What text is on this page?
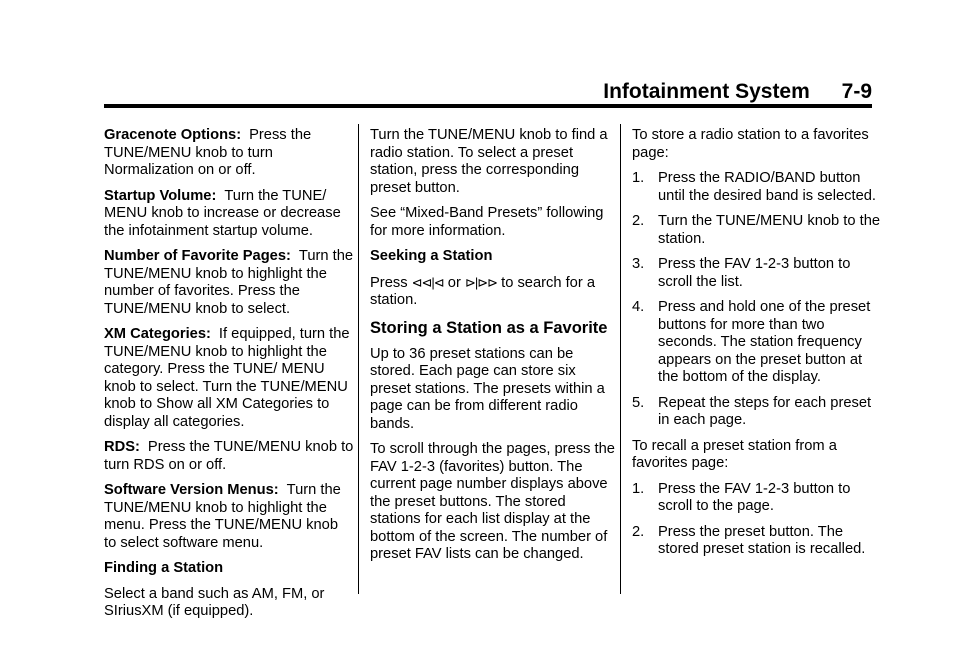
Infotainment System 7-9

Gracenote Options: Press the TUNE/MENU knob to turn Normalization on or off.

Startup Volume: Turn the TUNE/ MENU knob to increase or decrease the infotainment startup volume.

Number of Favorite Pages: Turn the TUNE/MENU knob to highlight the number of favorites. Press the TUNE/MENU knob to select.

XM Categories: If equipped, turn the TUNE/MENU knob to highlight the category. Press the TUNE/ MENU knob to select. Turn the TUNE/MENU knob to Show all XM Categories to display all categories.

RDS: Press the TUNE/MENU knob to turn RDS on or off.

Software Version Menus: Turn the TUNE/MENU knob to highlight the menu. Press the TUNE/MENU knob to select software menu.

Finding a Station

Select a band such as AM, FM, or SIriusXM (if equipped).

Turn the TUNE/MENU knob to find a radio station. To select a preset station, press the corresponding preset button.

See “Mixed-Band Presets” following for more information.

Seeking a Station

Press ⊲⊲|⊲ or ⊳|⊳⊳ to search for a station.

Storing a Station as a Favorite

Up to 36 preset stations can be stored. Each page can store six preset stations. The presets within a page can be from different radio bands.

To scroll through the pages, press the FAV 1-2-3 (favorites) button. The current page number displays above the preset buttons. The stored stations for each list display at the bottom of the screen. The number of preset FAV lists can be changed.

To store a radio station to a favorites page:

1. Press the RADIO/BAND button until the desired band is selected.
2. Turn the TUNE/MENU knob to the station.
3. Press the FAV 1-2-3 button to scroll the list.
4. Press and hold one of the preset buttons for more than two seconds. The station frequency appears on the preset button at the bottom of the display.
5. Repeat the steps for each preset in each page.

To recall a preset station from a favorites page:

1. Press the FAV 1-2-3 button to scroll to the page.
2. Press the preset button. The stored preset station is recalled.
